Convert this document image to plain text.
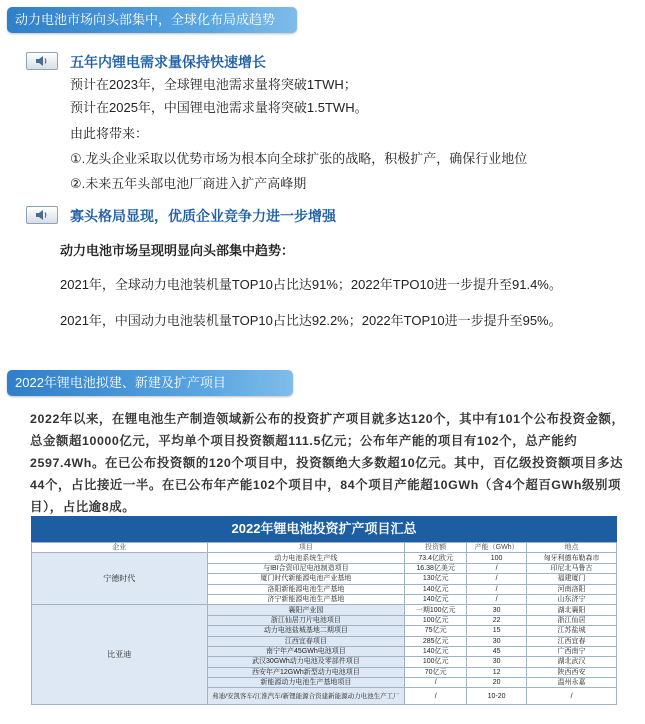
动力电池市场向头部集中，全球化布局成趋势
五年内锂电需求量保持快速增长
预计在2023年，全球锂电池需求量将突破1TWH；
预计在2025年，中国锂电池需求量将突破1.5TWH。
由此将带来：
①.龙头企业采取以优势市场为根本向全球扩张的战略，积极扩产，确保行业地位
②.未来五年头部电池厂商进入扩产高峰期
寡头格局显现，优质企业竞争力进一步增强
动力电池市场呈现明显向头部集中趋势：
2021年，全球动力电池装机量TOP10占比达91%；2022年TPO10进一步提升至91.4%。
2021年，中国动力电池装机量TOP10占比达92.2%；2022年TOP10进一步提升至95%。
2022年锂电池拟建、新建及扩产项目
2022年以来，在锂电池生产制造领域新公布的投资扩产项目就多达120个，其中有101个公布投资金额，总金额超10000亿元，平均单个项目投资额超111.5亿元；公布年产能的项目有102个，总产能约2597.4Wh。在已公布投资额的120个项目中，投资额绝大多数超10亿元。其中，百亿级投资额项目多达44个，占比接近一半。在已公布年产能102个项目中，84个项目产能超10GWh（含4个超百GWh级别项目），占比逾8成。
2022年锂电池投资扩产项目汇总
企业	项目	投资额	产能（GWh）	地点
宁德时代	动力电池系统生产线	73.4亿欧元	100	匈牙利德布勒森市
	与IBI合资印尼电池制造项目	16.38亿美元	/	印尼北马鲁古
	厦门时代新能源电池产业基地	130亿元	/	福建厦门
	洛阳新能源电池生产基地	140亿元	/	河南洛阳
	济宁新能源电池生产基地	140亿元	/	山东济宁
比亚迪	襄阳产业园	一期100亿元	30	湖北襄阳
	浙江仙居刀片电池项目	100亿元	22	浙江仙居
	动力电池盐城基地二期项目	75亿元	15	江苏盐城
	江西宜春项目	285亿元	30	江西宜春
	南宁年产45GWh电池项目	140亿元	45	广西南宁
	武汉30GWh动力电池及零部件项目	100亿元	30	湖北武汉
	西安年产12GWh新型动力电池项目	70亿元	12	陕西西安
	新能源动力电池生产基地项目	/	20	温州永嘉
	弗迪/安凯客车/江淮汽车/新锂能源合资建新能源动力电池生产工厂	/	10-20	/
